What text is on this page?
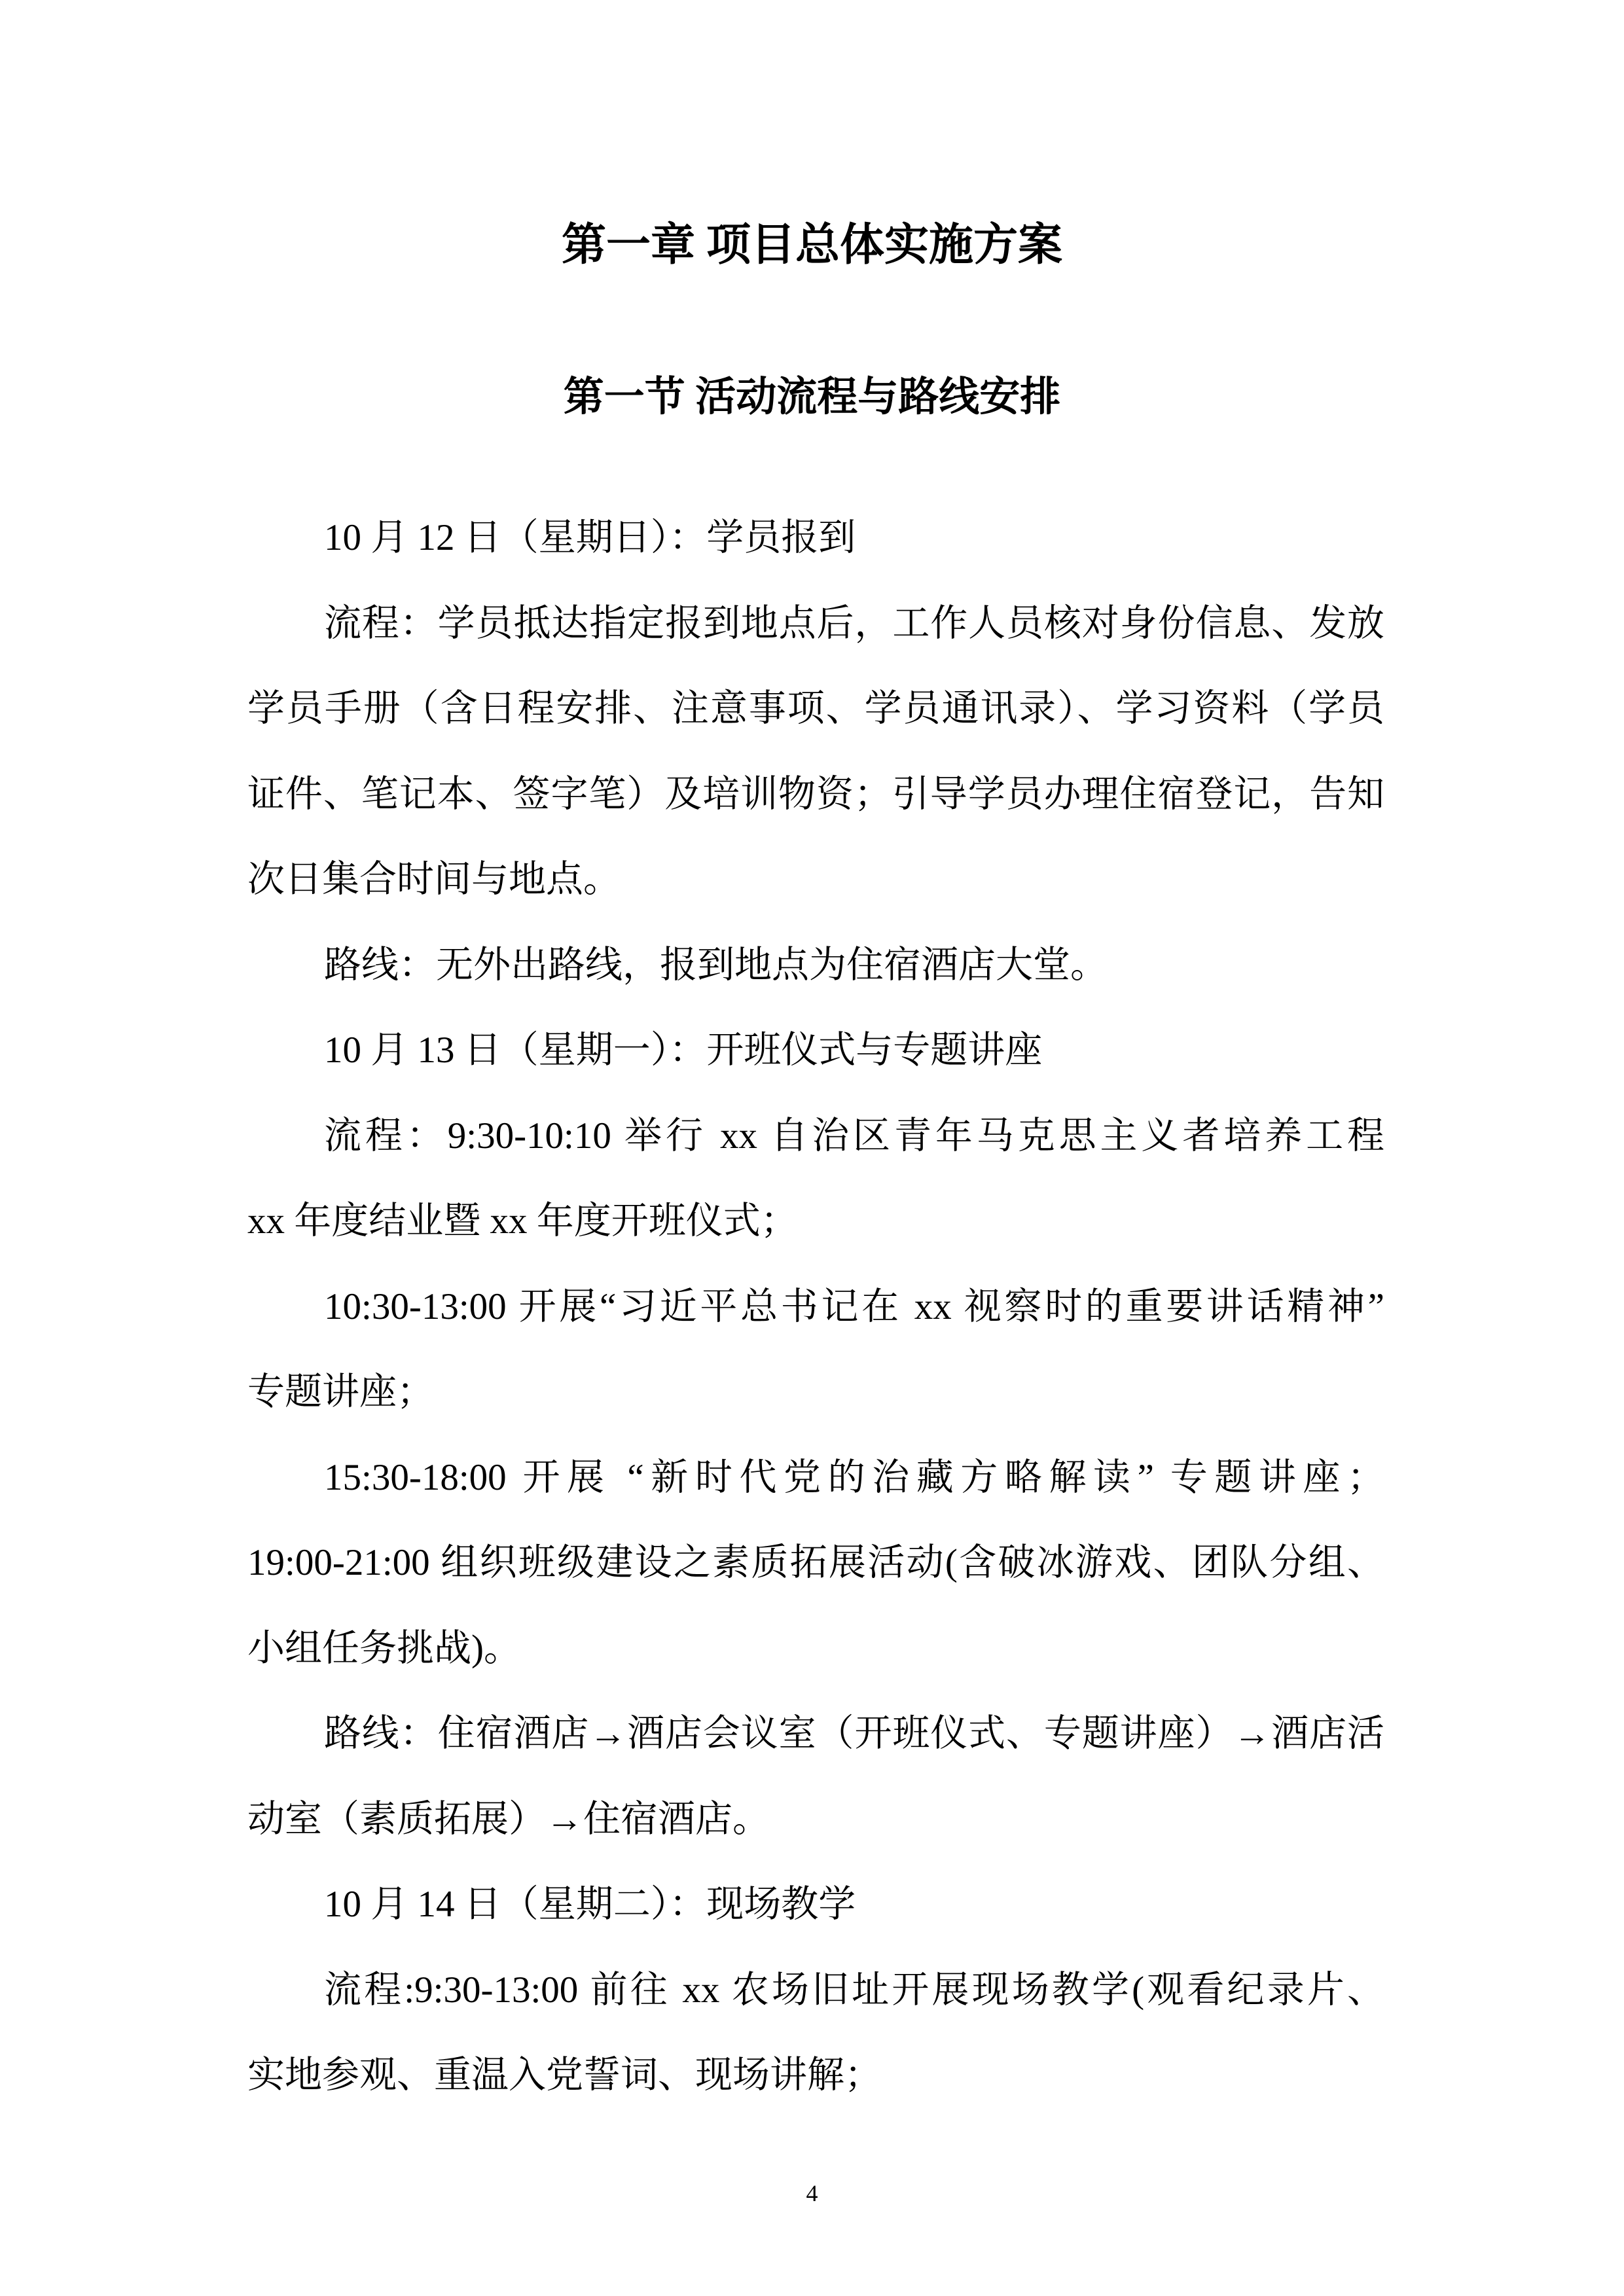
第一章 项目总体实施方案
第一节 活动流程与路线安排
10 月 12 日（星期日）：学员报到
流程：学员抵达指定报到地点后，工作人员核对身份信息、发放
学员手册（含日程安排、注意事项、学员通讯录）、学习资料（学员
证件、笔记本、签字笔）及培训物资；引导学员办理住宿登记，告知
次日集合时间与地点。
路线：无外出路线，报到地点为住宿酒店大堂。
10 月 13 日（星期一）：开班仪式与专题讲座
流程：9:30-10:10 举行 xx 自治区青年马克思主义者培养工程
xx 年度结业暨 xx 年度开班仪式；
10:30-13:00 开展“习近平总书记在 xx 视察时的重要讲话精神”
专题讲座；
15:30-18:00 开展 “新时代党的治藏方略解读” 专题讲座；
19:00-21:00 组织班级建设之素质拓展活动(含破冰游戏、团队分组、
小组任务挑战)。
路线：住宿酒店→酒店会议室（开班仪式、专题讲座）→酒店活
动室（素质拓展）→住宿酒店。
10 月 14 日（星期二）：现场教学
流程:9:30-13:00 前往 xx 农场旧址开展现场教学(观看纪录片、
实地参观、重温入党誓词、现场讲解；
4
